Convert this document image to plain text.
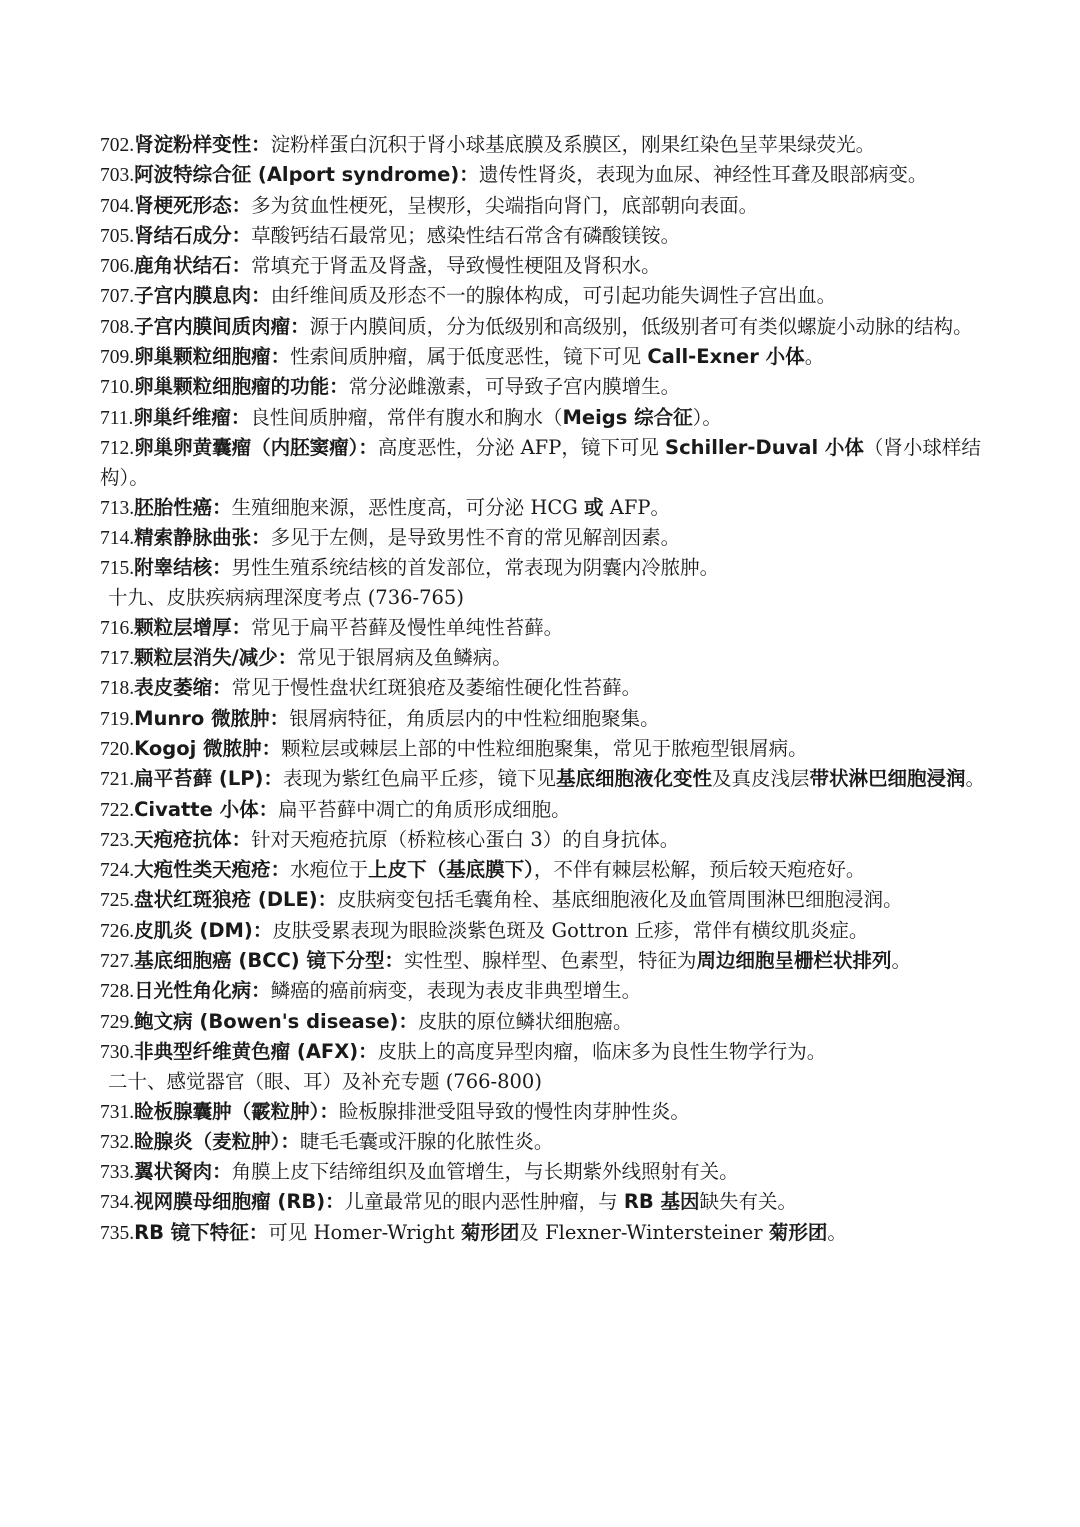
702.肾淀粉样变性：淀粉样蛋白沉积于肾小球基底膜及系膜区，刚果红染色呈苹果绿荧光。
703.阿波特综合征 (Alport syndrome)：遗传性肾炎，表现为血尿、神经性耳聋及眼部病变。
704.肾梗死形态：多为贫血性梗死，呈楔形，尖端指向肾门，底部朝向表面。
705.肾结石成分：草酸钙结石最常见；感染性结石常含有磷酸镁铵。
706.鹿角状结石：常填充于肾盂及肾盏，导致慢性梗阻及肾积水。
707.子宫内膜息肉：由纤维间质及形态不一的腺体构成，可引起功能失调性子宫出血。
708.子宫内膜间质肉瘤：源于内膜间质，分为低级别和高级别，低级别者可有类似螺旋小动脉的结构。
709.卵巢颗粒细胞瘤：性索间质肿瘤，属于低度恶性，镜下可见 Call-Exner 小体。
710.卵巢颗粒细胞瘤的功能：常分泌雌激素，可导致子宫内膜增生。
711.卵巢纤维瘤：良性间质肿瘤，常伴有腹水和胸水（Meigs 综合征）。
712.卵巢卵黄囊瘤（内胚窦瘤）：高度恶性，分泌 AFP，镜下可见 Schiller-Duval 小体（肾小球样结构）。
713.胚胎性癌：生殖细胞来源，恶性度高，可分泌 HCG 或 AFP。
714.精索静脉曲张：多见于左侧，是导致男性不育的常见解剖因素。
715.附睾结核：男性生殖系统结核的首发部位，常表现为阴囊内冷脓肿。
十九、皮肤疾病病理深度考点 (736-765)
716.颗粒层增厚：常见于扁平苔藓及慢性单纯性苔藓。
717.颗粒层消失/减少：常见于银屑病及鱼鳞病。
718.表皮萎缩：常见于慢性盘状红斑狼疮及萎缩性硬化性苔藓。
719.Munro 微脓肿：银屑病特征，角质层内的中性粒细胞聚集。
720.Kogoj 微脓肿：颗粒层或棘层上部的中性粒细胞聚集，常见于脓疱型银屑病。
721.扁平苔藓 (LP)：表现为紫红色扁平丘疹，镜下见基底细胞液化变性及真皮浅层带状淋巴细胞浸润。
722.Civatte 小体：扁平苔藓中凋亡的角质形成细胞。
723.天疱疮抗体：针对天疱疮抗原（桥粒核心蛋白 3）的自身抗体。
724.大疱性类天疱疮：水疱位于上皮下（基底膜下），不伴有棘层松解，预后较天疱疮好。
725.盘状红斑狼疮 (DLE)：皮肤病变包括毛囊角栓、基底细胞液化及血管周围淋巴细胞浸润。
726.皮肌炎 (DM)：皮肤受累表现为眼睑淡紫色斑及 Gottron 丘疹，常伴有横纹肌炎症。
727.基底细胞癌 (BCC) 镜下分型：实性型、腺样型、色素型，特征为周边细胞呈栅栏状排列。
728.日光性角化病：鳞癌的癌前病变，表现为表皮非典型增生。
729.鲍文病 (Bowen's disease)：皮肤的原位鳞状细胞癌。
730.非典型纤维黄色瘤 (AFX)：皮肤上的高度异型肉瘤，临床多为良性生物学行为。
二十、感觉器官（眼、耳）及补充专题 (766-800)
731.睑板腺囊肿（霰粒肿）：睑板腺排泄受阻导致的慢性肉芽肿性炎。
732.睑腺炎（麦粒肿）：睫毛毛囊或汗腺的化脓性炎。
733.翼状胬肉：角膜上皮下结缔组织及血管增生，与长期紫外线照射有关。
734.视网膜母细胞瘤 (RB)：儿童最常见的眼内恶性肿瘤，与 RB 基因缺失有关。
735.RB 镜下特征：可见 Homer-Wright 菊形团及 Flexner-Wintersteiner 菊形团。
